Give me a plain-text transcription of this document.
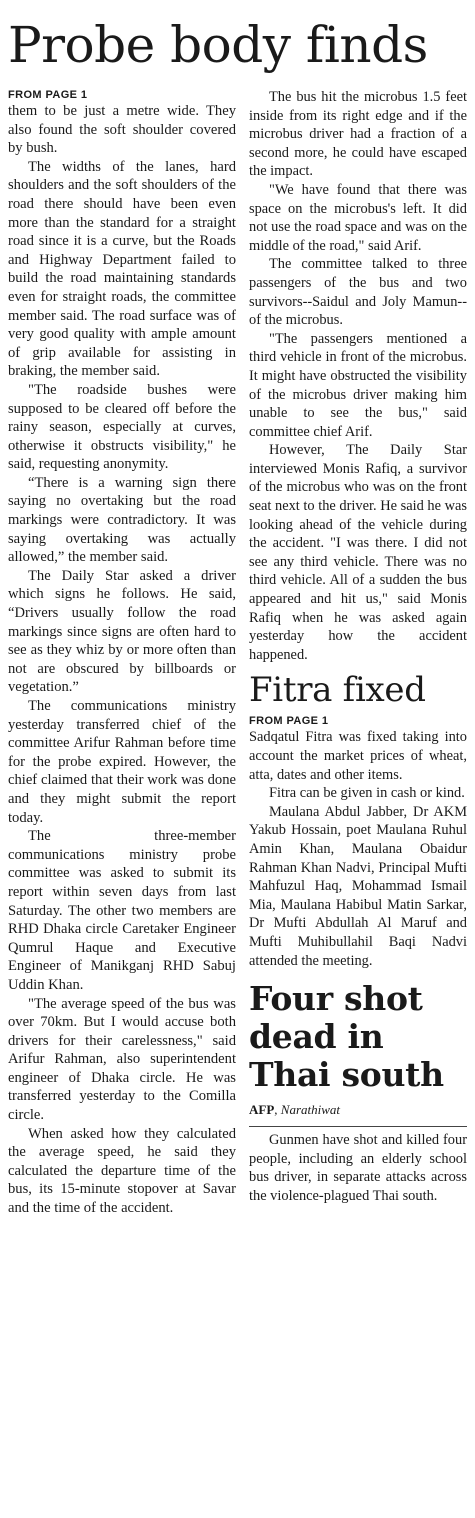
Probe body finds
FROM PAGE 1

them to be just a metre wide. They also found the soft shoulder covered by bush.

The widths of the lanes, hard shoulders and the soft shoulders of the road there should have been even more than the standard for a straight road since it is a curve, but the Roads and Highway Department failed to build the road maintaining standards even for straight roads, the committee member said. The road surface was of very good quality with ample amount of grip available for assisting in braking, the member said.

"The roadside bushes were supposed to be cleared off before the rainy season, especially at curves, otherwise it obstructs visibility," he said, requesting anonymity.

“There is a warning sign there saying no overtaking but the road markings were contradictory. It was saying overtaking was actually allowed,” the member said.

The Daily Star asked a driver which signs he follows. He said, “Drivers usually follow the road markings since signs are often hard to see as they whiz by or more often than not are obscured by billboards or vegetation.”

The communications ministry yesterday transferred chief of the committee Arifur Rahman before time for the probe expired. However, the chief claimed that their work was done and they might submit the report today.

The three-member communications ministry probe committee was asked to submit its report within seven days from last Saturday. The other two members are RHD Dhaka circle Caretaker Engineer Qumrul Haque and Executive Engineer of Manikganj RHD Sabuj Uddin Khan.

"The average speed of the bus was over 70km. But I would accuse both drivers for their carelessness," said Arifur Rahman, also superintendent engineer of Dhaka circle. He was transferred yesterday to the Comilla circle.

When asked how they calculated the average speed, he said they calculated the departure time of the bus, its 15-minute stopover at Savar and the time of the accident.

The bus hit the microbus 1.5 feet inside from its right edge and if the microbus driver had a fraction of a second more, he could have escaped the impact.

"We have found that there was space on the microbus's left. It did not use the road space and was on the middle of the road," said Arif.

The committee talked to three passengers of the bus and two survivors--Saidul and Joly Mamun--of the microbus.

"The passengers mentioned a third vehicle in front of the microbus. It might have obstructed the visibility of the microbus driver making him unable to see the bus," said committee chief Arif.

However, The Daily Star interviewed Monis Rafiq, a survivor of the microbus who was on the front seat next to the driver. He said he was looking ahead of the vehicle during the accident. "I was there. I did not see any third vehicle. There was no third vehicle. All of a sudden the bus appeared and hit us," said Monis Rafiq when he was asked again yesterday how the accident happened.

Fitra fixed
FROM PAGE 1

Sadqatul Fitra was fixed taking into account the market prices of wheat, atta, dates and other items.

Fitra can be given in cash or kind.

Maulana Abdul Jabber, Dr AKM Yakub Hossain, poet Maulana Ruhul Amin Khan, Maulana Obaidur Rahman Khan Nadvi, Principal Mufti Mahfuzul Haq, Mohammad Ismail Mia, Maulana Habibul Matin Sarkar, Dr Mufti Abdullah Al Maruf and Mufti Muhibullahil Baqi Nadvi attended the meeting.

Four shot dead in Thai south
AFP, Narathiwat

Gunmen have shot and killed four people, including an elderly school bus driver, in separate attacks across the violence-plagued Thai south.
